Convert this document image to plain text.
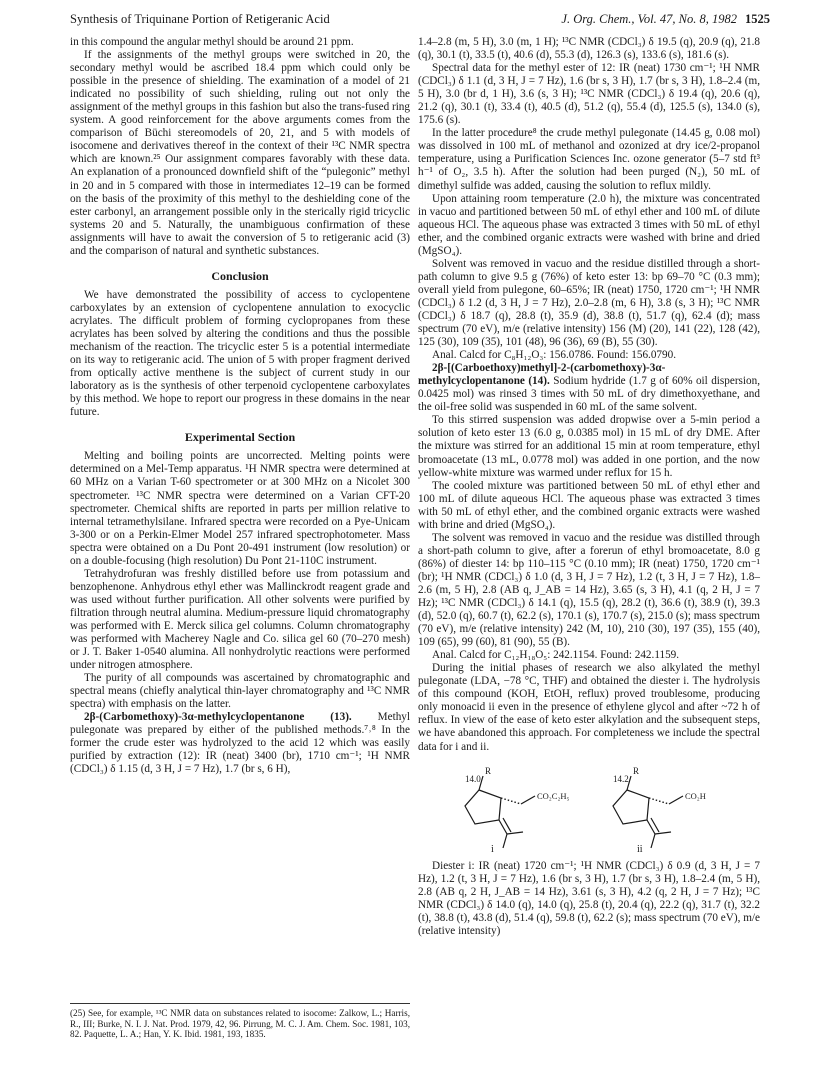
Synthesis of Triquinane Portion of Retigeranic Acid	J. Org. Chem., Vol. 47, No. 8, 1982 1525

in this compound the angular methyl should be around 21 ppm.

If the assignments of the methyl groups were switched in 20, the secondary methyl would be ascribed 18.4 ppm which could only be possible in the presence of shielding. The examination of a model of 21 indicated no possibility of such shielding, ruling out not only the assignment of the methyl groups in this fashion but also the trans-fused ring system. A good reinforcement for the above arguments comes from the comparison of Büchi stereomodels of 20, 21, and 5 with models of isocomene and derivatives thereof in the context of their ¹³C NMR spectra which are known.²⁵ Our assignment compares favorably with these data. An explanation of a pronounced downfield shift of the “pulegonic” methyl in 20 and in 5 compared with those in intermediates 12–19 can be formed on the basis of the proximity of this methyl to the deshielding cone of the ester carbonyl, an arrangement possible only in the sterically rigid tricyclic systems 20 and 5. Naturally, the unambiguous confirmation of these assignments will have to await the conversion of 5 to retigeranic acid (3) and the comparison of natural and synthetic substances.

Conclusion

We have demonstrated the possibility of access to cyclopentene carboxylates by an extension of cyclopentene annulation to exocyclic acrylates. The difficult problem of forming cyclopropanes from these acrylates has been solved by altering the conditions and thus the possible mechanism of the reaction. The tricyclic ester 5 is a potential intermediate on its way to retigeranic acid. The union of 5 with proper fragment derived from optically active menthene is the subject of current study in our laboratory as is the synthesis of other terpenoid cyclopentene carboxylates by this method. We hope to report our progress in these domains in the near future.

Experimental Section

Melting and boiling points are uncorrected. Melting points were determined on a Mel-Temp apparatus. ¹H NMR spectra were determined at 60 MHz on a Varian T-60 spectrometer or at 300 MHz on a Nicolet 300 spectrometer. ¹³C NMR spectra were determined on a Varian CFT-20 spectrometer. Chemical shifts are reported in parts per million relative to internal tetramethylsilane. Infrared spectra were recorded on a Pye-Unicam 3-300 or on a Perkin-Elmer Model 257 infrared spectrophotometer. Mass spectra were obtained on a Du Pont 20-491 instrument (low resolution) or on a double-focusing (high resolution) Du Pont 21-110C instrument.

Tetrahydrofuran was freshly distilled before use from potassium and benzophenone. Anhydrous ethyl ether was Mallinckrodt reagent grade and was used without further purification. All other solvents were purified by filtration through neutral alumina. Medium-pressure liquid chromatography was performed with E. Merck silica gel columns. Column chromatography was performed with Macherey Nagle and Co. silica gel 60 (70–270 mesh) or J. T. Baker 1-0540 alumina. All nonhydrolytic reactions were performed under nitrogen atmosphere.

The purity of all compounds was ascertained by chromatographic and spectral means (chiefly analytical thin-layer chromatography and ¹³C NMR spectra) with emphasis on the latter.

2β-(Carbomethoxy)-3α-methylcyclopentanone (13). Methyl pulegonate was prepared by either of the published methods.⁷˒⁸ In the former the crude ester was hydrolyzed to the acid 12 which was easily purified by extraction (12): IR (neat) 3400 (br), 1710 cm⁻¹; ¹H NMR (CDCl₃) δ 1.15 (d, 3 H, J = 7 Hz), 1.7 (br s, 6 H),

(25) See, for example, ¹³C NMR data on substances related to isocome: Zalkow, L.; Harris, R., III; Burke, N. I. J. Nat. Prod. 1979, 42, 96. Pirrung, M. C. J. Am. Chem. Soc. 1981, 103, 82. Paquette, L. A.; Han, Y. K. Ibid. 1981, 193, 1835.

1.4–2.8 (m, 5 H), 3.0 (m, 1 H); ¹³C NMR (CDCl₃) δ 19.5 (q), 20.9 (q), 21.8 (q), 30.1 (t), 33.5 (t), 40.6 (d), 55.3 (d), 126.3 (s), 133.6 (s), 181.6 (s).

Spectral data for the methyl ester of 12: IR (neat) 1730 cm⁻¹; ¹H NMR (CDCl₃) δ 1.1 (d, 3 H, J = 7 Hz), 1.6 (br s, 3 H), 1.7 (br s, 3 H), 1.8–2.4 (m, 5 H), 3.0 (br d, 1 H), 3.6 (s, 3 H); ¹³C NMR (CDCl₃) δ 19.4 (q), 20.6 (q), 21.2 (q), 30.1 (t), 33.4 (t), 40.5 (d), 51.2 (q), 55.4 (d), 125.5 (s), 134.0 (s), 175.6 (s).

In the latter procedure⁸ the crude methyl pulegonate (14.45 g, 0.08 mol) was dissolved in 100 mL of methanol and ozonized at dry ice/2-propanol temperature, using a Purification Sciences Inc. ozone generator (5–7 std ft³ h⁻¹ of O₂, 3.5 h). After the solution had been purged (N₂), 50 mL of dimethyl sulfide was added, causing the solution to reflux mildly.

Upon attaining room temperature (2.0 h), the mixture was concentrated in vacuo and partitioned between 50 mL of ethyl ether and 100 mL of dilute aqueous HCl. The aqueous phase was extracted 3 times with 50 mL of ethyl ether, and the combined organic extracts were washed with brine and dried (MgSO₄).

Solvent was removed in vacuo and the residue distilled through a short-path column to give 9.5 g (76%) of keto ester 13: bp 69–70 °C (0.3 mm); overall yield from pulegone, 60–65%; IR (neat) 1750, 1720 cm⁻¹; ¹H NMR (CDCl₃) δ 1.2 (d, 3 H, J = 7 Hz), 2.0–2.8 (m, 6 H), 3.8 (s, 3 H); ¹³C NMR (CDCl₃) δ 18.7 (q), 28.8 (t), 35.9 (d), 38.8 (t), 51.7 (q), 62.4 (d); mass spectrum (70 eV), m/e (relative intensity) 156 (M) (20), 141 (22), 128 (42), 125 (30), 109 (35), 101 (48), 96 (36), 69 (B), 55 (30).

Anal. Calcd for C₈H₁₂O₃: 156.0786. Found: 156.0790.

2β-[(Carboethoxy)methyl]-2-(carbomethoxy)-3α-methylcyclopentanone (14). Sodium hydride (1.7 g of 60% oil dispersion, 0.0425 mol) was rinsed 3 times with 50 mL of dry dimethoxyethane, and the oil-free solid was suspended in 60 mL of the same solvent.

To this stirred suspension was added dropwise over a 5-min period a solution of keto ester 13 (6.0 g, 0.0385 mol) in 15 mL of dry DME. After the mixture was stirred for an additional 15 min at room temperature, ethyl bromoacetate (13 mL, 0.0778 mol) was added in one portion, and the now yellow-white mixture was warmed under reflux for 15 h.

The cooled mixture was partitioned between 50 mL of ethyl ether and 100 mL of dilute aqueous HCl. The aqueous phase was extracted 3 times with 50 mL of ethyl ether, and the combined organic extracts were washed with brine and dried (MgSO₄).

The solvent was removed in vacuo and the residue was distilled through a short-path column to give, after a forerun of ethyl bromoacetate, 8.0 g (86%) of diester 14: bp 110–115 °C (0.10 mm); IR (neat) 1750, 1720 cm⁻¹ (br); ¹H NMR (CDCl₃) δ 1.0 (d, 3 H, J = 7 Hz), 1.2 (t, 3 H, J = 7 Hz), 1.8–2.6 (m, 5 H), 2.8 (AB q, J_AB = 14 Hz), 3.65 (s, 3 H), 4.1 (q, 2 H, J = 7 Hz); ¹³C NMR (CDCl₃) δ 14.1 (q), 15.5 (q), 28.2 (t), 36.6 (t), 38.9 (t), 39.3 (d), 52.0 (q), 60.7 (t), 62.2 (s), 170.1 (s), 170.7 (s), 215.0 (s); mass spectrum (70 eV), m/e (relative intensity) 242 (M, 10), 210 (30), 197 (35), 155 (40), 109 (65), 99 (60), 81 (90), 55 (B).

Anal. Calcd for C₁₂H₁₈O₅: 242.1154. Found: 242.1159.

During the initial phases of research we also alkylated the methyl pulegonate (LDA, −78 °C, THF) and obtained the diester i. The hydrolysis of this compound (KOH, EtOH, reflux) proved troublesome, producing only monoacid ii even in the presence of ethylene glycol and after ~72 h of reflux. In view of the ease of keto ester alkylation and the subsequent steps, we have abandoned this approach. For completeness we include the spectral data for i and ii.

14.0
R
CO₂C₂H₅
i
14.2
R
CO₂H
ii

Diester i: IR (neat) 1720 cm⁻¹; ¹H NMR (CDCl₃) δ 0.9 (d, 3 H, J = 7 Hz), 1.2 (t, 3 H, J = 7 Hz), 1.6 (br s, 3 H), 1.7 (br s, 3 H), 1.8–2.4 (m, 5 H), 2.8 (AB q, 2 H, J_AB = 14 Hz), 3.61 (s, 3 H), 4.2 (q, 2 H, J = 7 Hz); ¹³C NMR (CDCl₃) δ 14.0 (q), 14.0 (q), 25.8 (t), 20.4 (q), 22.2 (q), 31.7 (t), 32.2 (t), 38.8 (t), 43.8 (d), 51.4 (q), 59.8 (t), 62.2 (s); mass spectrum (70 eV), m/e (relative intensity)
